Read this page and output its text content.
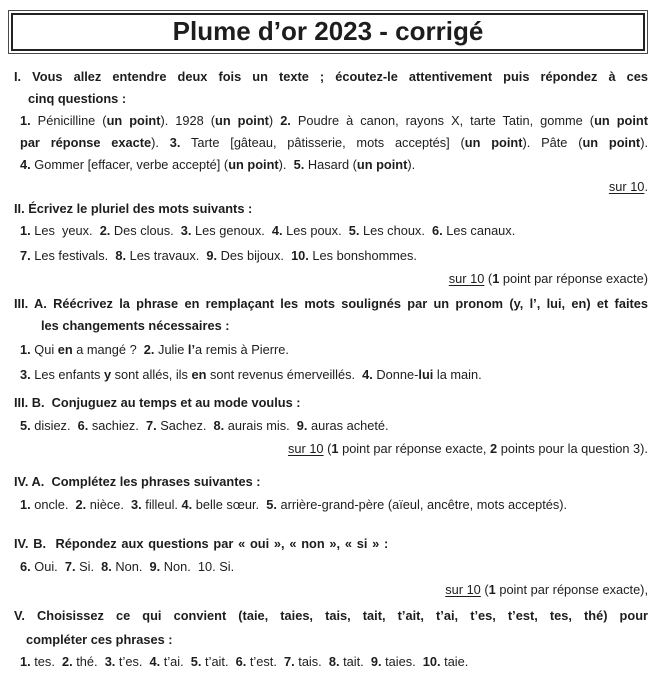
Plume d’or 2023 - corrigé
I. Vous allez entendre deux fois un texte ; écoutez-le attentivement puis répondez à ces
cinq questions :
1. Pénicilline (un point). 1928 (un point) 2. Poudre à canon, rayons X, tarte Tatin, gomme (un point
par réponse exacte). 3. Tarte [gâteau, pâtisserie, mots acceptés] (un point). Pâte (un point).
4. Gommer [effacer, verbe accepté] (un point).  5. Hasard (un point).
sur 10.
II. Écrivez le pluriel des mots suivants :
1. Les  yeux.  2. Des clous.  3. Les genoux.  4. Les poux.  5. Les choux.  6. Les canaux.
7. Les festivals.  8. Les travaux.  9. Des bijoux.  10. Les bonshommes.
sur 10 (1 point par réponse exacte)
III. A. Réécrivez la phrase en remplaçant les mots soulignés par un pronom (y, l’, lui, en) et faites
les changements nécessaires :
1. Qui en a mangé ?  2. Julie l’a remis à Pierre.
3. Les enfants y sont allés, ils en sont revenus émerveillés.  4. Donne-lui la main.
III. B.  Conjuguez au temps et au mode voulus :
5. disiez.  6. sachiez.  7. Sachez.  8. aurais mis.  9. auras acheté.
sur 10 (1 point par réponse exacte, 2 points pour la question 3).
IV. A.  Complétez les phrases suivantes :
1. oncle.  2. nièce.  3. filleul. 4. belle sœur.  5. arrière-grand-père (aïeul, ancêtre, mots acceptés).
IV. B.  Répondez aux questions par « oui », « non », « si » :
6. Oui.  7. Si.  8. Non.  9. Non.  10. Si.
sur 10 (1 point par réponse exacte),
V. Choisissez ce qui convient (taie, taies, tais, tait, t’ait, t’ai, t’es, t’est, tes, thé) pour
compléter ces phrases :
1. tes.  2. thé.  3. t’es.  4. t’ai.  5. t’ait.  6. t’est.  7. tais.  8. tait.  9. taies.  10. taie.
